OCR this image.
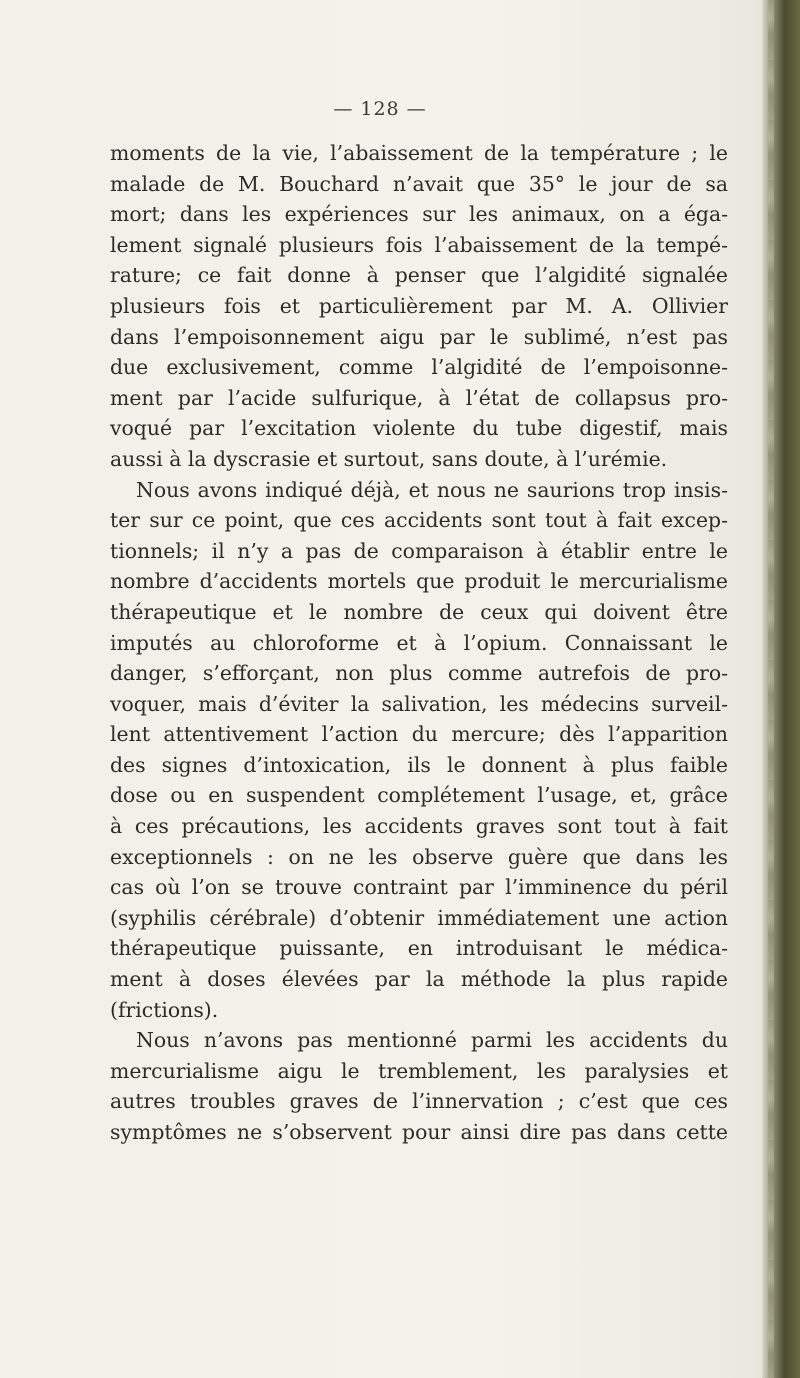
— 128 —
moments de la vie, l’abaissement de la température ; le
malade de M. Bouchard n’avait que 35° le jour de sa
mort; dans les expériences sur les animaux, on a éga-
lement signalé plusieurs fois l’abaissement de la tempé-
rature; ce fait donne à penser que l’algidité signalée
plusieurs fois et particulièrement par M. A. Ollivier
dans l’empoisonnement aigu par le sublimé, n’est pas
due exclusivement, comme l’algidité de l’empoisonne-
ment par l’acide sulfurique, à l’état de collapsus pro-
voqué par l’excitation violente du tube digestif, mais
aussi à la dyscrasie et surtout, sans doute, à l’urémie.
Nous avons indiqué déjà, et nous ne saurions trop insis-
ter sur ce point, que ces accidents sont tout à fait excep-
tionnels; il n’y a pas de comparaison à établir entre le
nombre d’accidents mortels que produit le mercurialisme
thérapeutique et le nombre de ceux qui doivent être
imputés au chloroforme et à l’opium. Connaissant le
danger, s’efforçant, non plus comme autrefois de pro-
voquer, mais d’éviter la salivation, les médecins surveil-
lent attentivement l’action du mercure; dès l’apparition
des signes d’intoxication, ils le donnent à plus faible
dose ou en suspendent complétement l’usage, et, grâce
à ces précautions, les accidents graves sont tout à fait
exceptionnels : on ne les observe guère que dans les
cas où l’on se trouve contraint par l’imminence du péril
(syphilis cérébrale) d’obtenir immédiatement une action
thérapeutique puissante, en introduisant le médica-
ment à doses élevées par la méthode la plus rapide
(frictions).
Nous n’avons pas mentionné parmi les accidents du
mercurialisme aigu le tremblement, les paralysies et
autres troubles graves de l’innervation ; c’est que ces
symptômes ne s’observent pour ainsi dire pas dans cette
